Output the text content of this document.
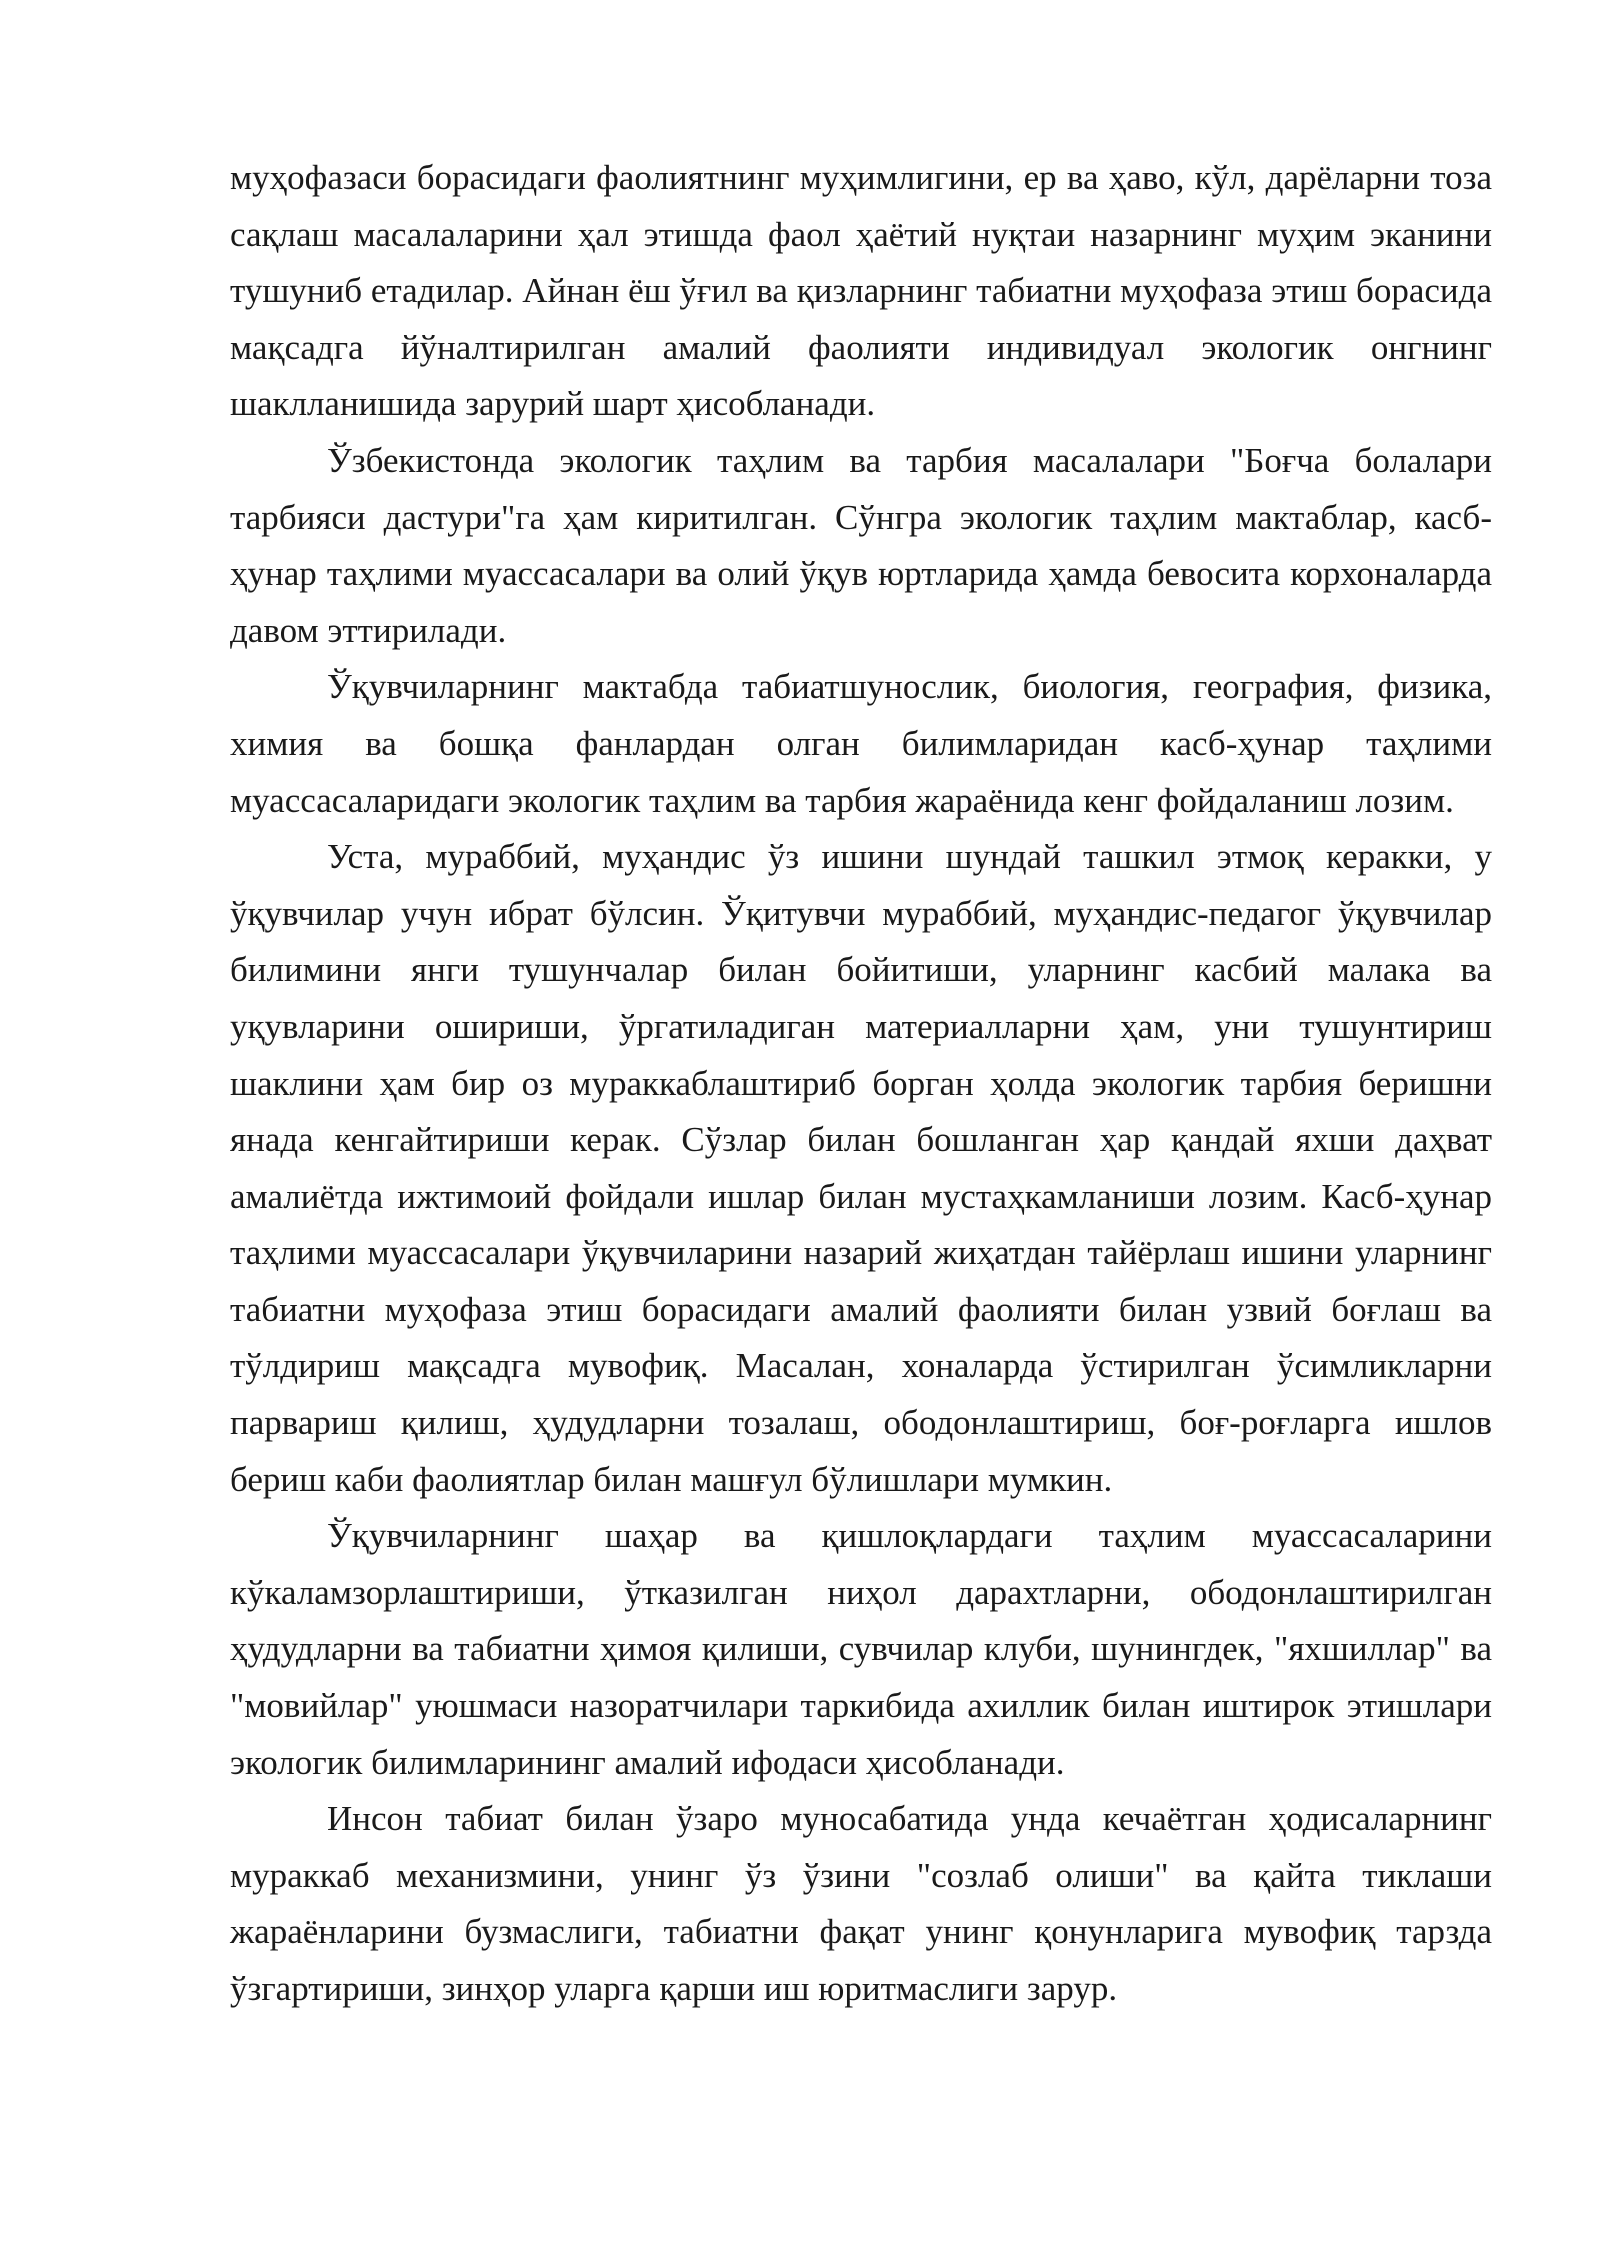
муҳофазаси борасидаги фаолиятнинг муҳимлигини, ер ва ҳаво, кўл, дарёларни тоза сақлаш масалаларини ҳал этишда фаол ҳаётий нуқтаи назарнинг муҳим эканини тушуниб етадилар. Айнан ёш ўғил ва қизларнинг табиатни муҳофаза этиш борасида мақсадга йўналтирилган амалий фаолияти индивидуал экологик онгнинг шаклланишида зарурий шарт ҳисобланади.

Ўзбекистонда экологик таҳлим ва тарбия масалалари "Боғча болалари тарбияси дастури"га ҳам киритилган. Сўнгра экологик таҳлим мактаблар, касб-ҳунар таҳлими муассасалари ва олий ўқув юртларида ҳамда бевосита корхоналарда давом эттирилади.

Ўқувчиларнинг мактабда табиатшунослик, биология, география, физика, химия ва бошқа фанлардан олган билимларидан касб-ҳунар таҳлими муассасаларидаги экологик таҳлим ва тарбия жараёнида кенг фойдаланиш лозим.

Уста, мураббий, муҳандис ўз ишини шундай ташкил этмоқ керакки, у ўқувчилар учун ибрат бўлсин. Ўқитувчи мураббий, муҳандис-педагог ўқувчилар билимини янги тушунчалар билан бойитиши, уларнинг касбий малака ва уқувларини ошириши, ўргатиладиган материалларни ҳам, уни тушунтириш шаклини ҳам бир оз мураккаблаштириб борган ҳолда экологик тарбия беришни янада кенгайтириши керак. Сўзлар билан бошланган ҳар қандай яхши даҳват амалиётда ижтимоий фойдали ишлар билан мустаҳкамланиши лозим. Касб-ҳунар таҳлими муассасалари ўқувчиларини назарий жиҳатдан тайёрлаш ишини уларнинг табиатни муҳофаза этиш борасидаги амалий фаолияти билан узвий боғлаш ва тўлдириш мақсадга мувофиқ. Масалан, хоналарда ўстирилган ўсимликларни парвариш қилиш, ҳудудларни тозалаш, ободонлаштириш, боғ-роғларга ишлов бериш каби фаолиятлар билан машғул бўлишлари мумкин.

Ўқувчиларнинг шаҳар ва қишлоқлардаги таҳлим муассасаларини кўкаламзорлаштириши, ўтказилган ниҳол дарахтларни, ободонлаштирилган ҳудудларни ва табиатни ҳимоя қилиши, сувчилар клуби, шунингдек, "яхшиллар" ва "мовийлар" уюшмаси назоратчилари таркибида ахиллик билан иштирок этишлари экологик билимларининг амалий ифодаси ҳисобланади.

Инсон табиат билан ўзаро муносабатида унда кечаётган ҳодисаларнинг мураккаб механизмини, унинг ўз ўзини "созлаб олиши" ва қайта тиклаши жараёнларини бузмаслиги, табиатни фақат унинг қонунларига мувофиқ тарзда ўзгартириши, зинҳор уларга қарши иш юритмаслиги зарур.
